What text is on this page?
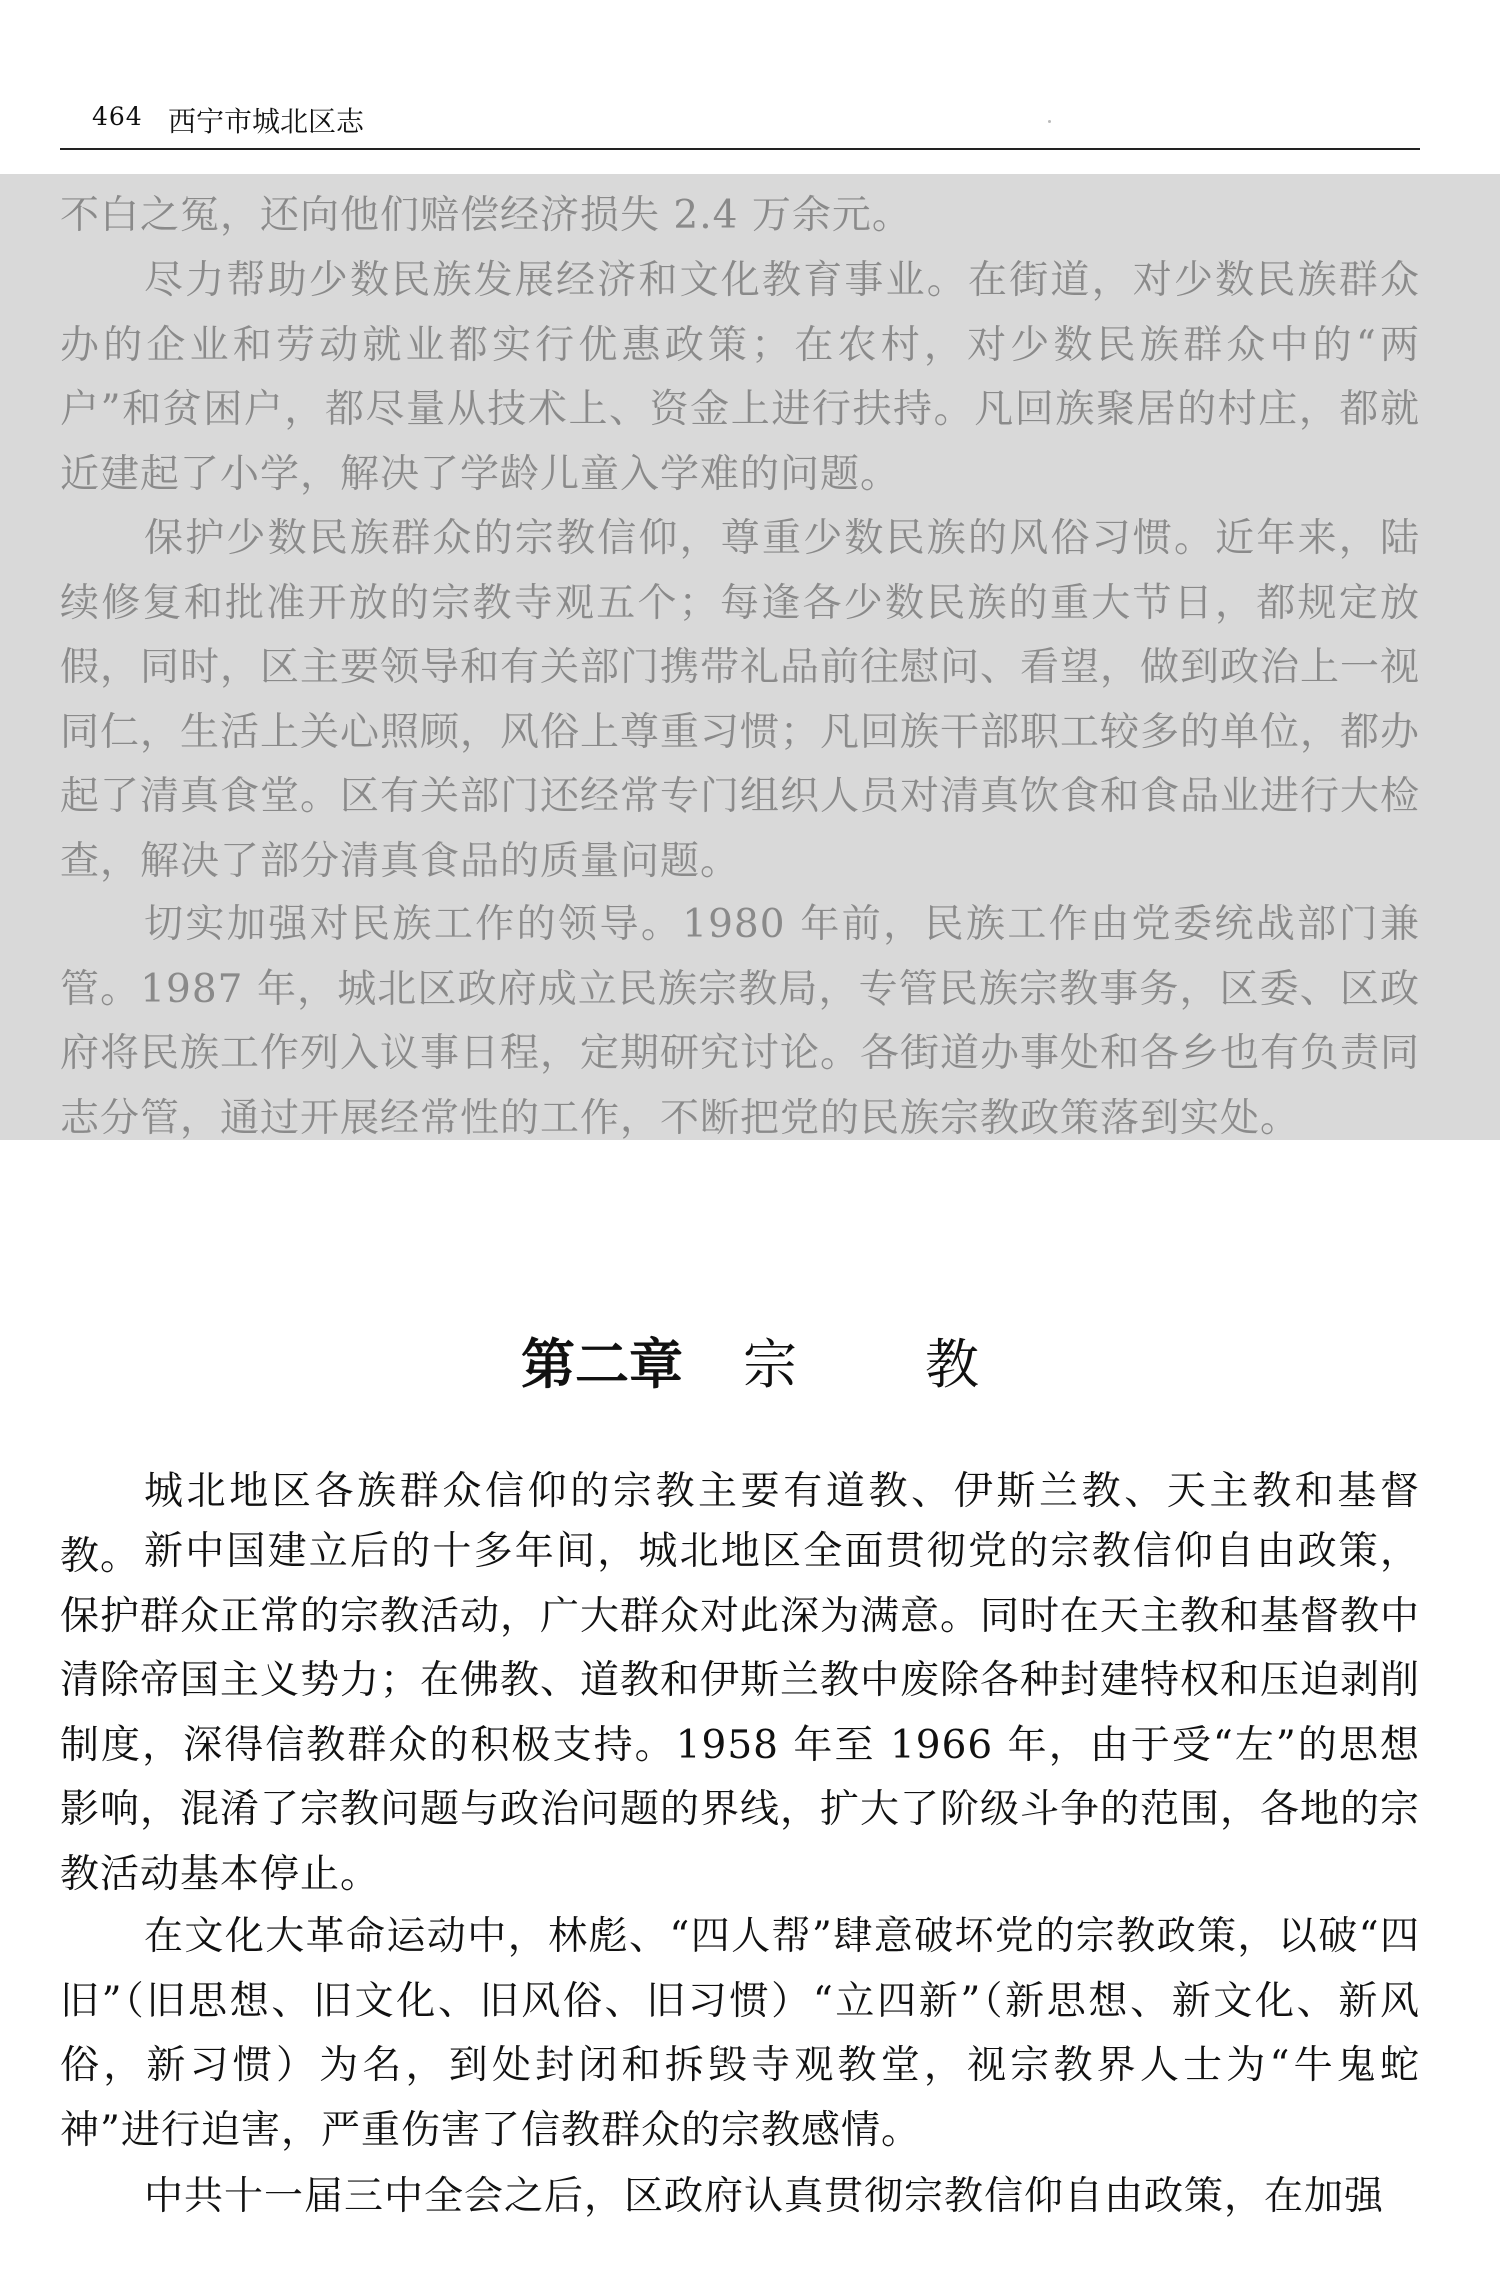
464 西宁市城北区志

不白之冤，还向他们赔偿经济损失 2.4 万余元。

尽力帮助少数民族发展经济和文化教育事业。在街道，对少数民族群众办的企业和劳动就业都实行优惠政策；在农村，对少数民族群众中的“两户”和贫困户，都尽量从技术上、资金上进行扶持。凡回族聚居的村庄，都就近建起了小学，解决了学龄儿童入学难的问题。

保护少数民族群众的宗教信仰，尊重少数民族的风俗习惯。近年来，陆续修复和批准开放的宗教寺观五个；每逢各少数民族的重大节日，都规定放假，同时，区主要领导和有关部门携带礼品前往慰问、看望，做到政治上一视同仁，生活上关心照顾，风俗上尊重习惯；凡回族干部职工较多的单位，都办起了清真食堂。区有关部门还经常专门组织人员对清真饮食和食品业进行大检查，解决了部分清真食品的质量问题。

切实加强对民族工作的领导。1980 年前，民族工作由党委统战部门兼管。1987 年，城北区政府成立民族宗教局，专管民族宗教事务，区委、区政府将民族工作列入议事日程，定期研究讨论。各街道办事处和各乡也有负责同志分管，通过开展经常性的工作，不断把党的民族宗教政策落到实处。

第二章 宗 教

城北地区各族群众信仰的宗教主要有道教、伊斯兰教、天主教和基督教。 新中国建立后的十多年间，城北地区全面贯彻党的宗教信仰自由政策，保护群众正常的宗教活动，广大群众对此深为满意。同时在天主教和基督教中清除帝国主义势力；在佛教、道教和伊斯兰教中废除各种封建特权和压迫剥削制度，深得信教群众的积极支持。1958 年至 1966 年，由于受“左”的思想影响，混淆了宗教问题与政治问题的界线，扩大了阶级斗争的范围，各地的宗教活动基本停止。

在文化大革命运动中，林彪、“四人帮”肆意破坏党的宗教政策，以破“四旧”（旧思想、旧文化、旧风俗、旧习惯）“立四新”（新思想、新文化、新风俗，新习惯）为名，到处封闭和拆毁寺观教堂，视宗教界人士为“牛鬼蛇神”进行迫害，严重伤害了信教群众的宗教感情。

中共十一届三中全会之后，区政府认真贯彻宗教信仰自由政策，在加强
